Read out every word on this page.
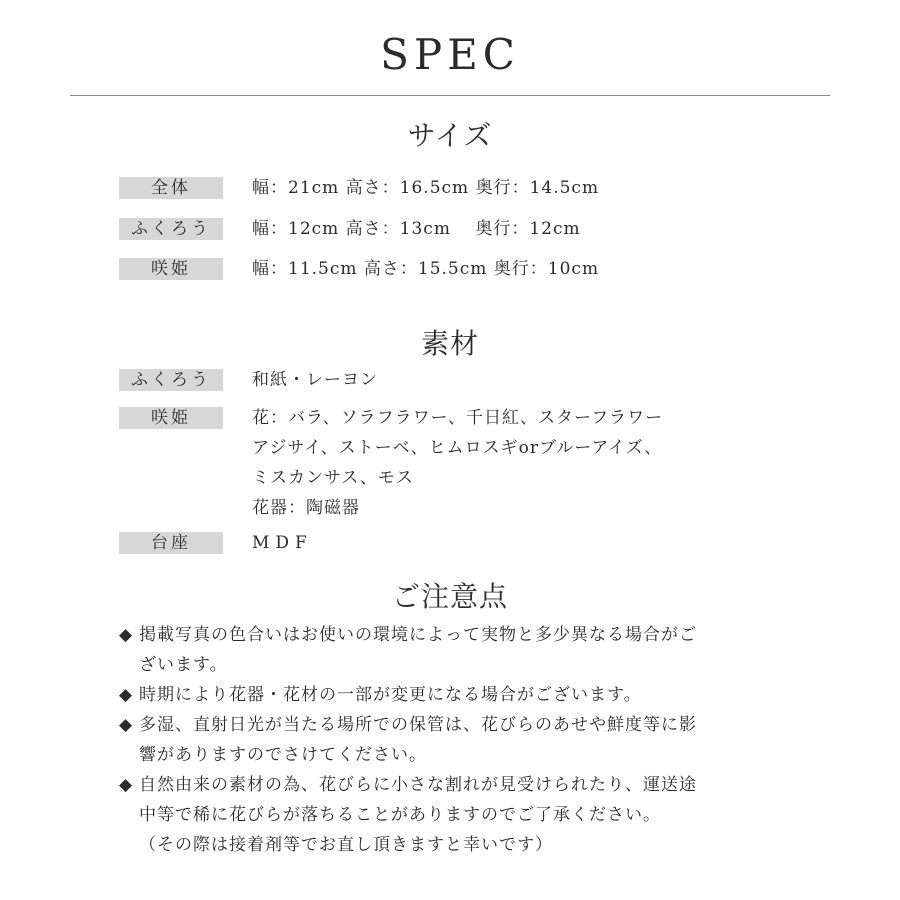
SPEC
サイズ
全体	幅：21cm 高さ：16.5cm 奥行：14.5cm
ふくろう	幅：12cm 高さ：13cm　 奥行：12cm
咲姫	幅：11.5cm 高さ：15.5cm 奥行：10cm
素材
ふくろう	和紙・レーヨン
咲姫	花：バラ、ソラフラワー、千日紅、スターフラワー
アジサイ、ストーベ、ヒムロスギorブルーアイズ、
ミスカンサス、モス
花器：陶磁器
台座	MDF
ご注意点
◆ 掲載写真の色合いはお使いの環境によって実物と多少異なる場合がご
ざいます。
◆ 時期により花器・花材の一部が変更になる場合がございます。
◆ 多湿、直射日光が当たる場所での保管は、花びらのあせや鮮度等に影
響がありますのでさけてください。
◆ 自然由来の素材の為、花びらに小さな割れが見受けられたり、運送途
中等で稀に花びらが落ちることがありますのでご了承ください。
（その際は接着剤等でお直し頂きますと幸いです）
